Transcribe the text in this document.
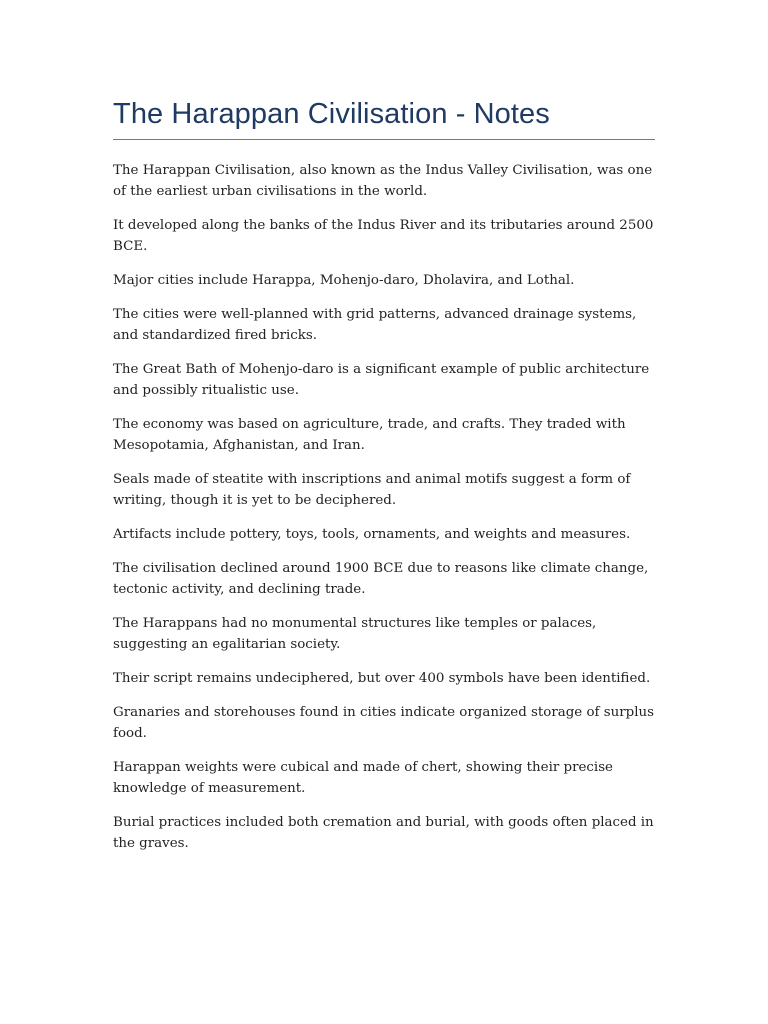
The Harappan Civilisation - Notes

The Harappan Civilisation, also known as the Indus Valley Civilisation, was one of the earliest urban civilisations in the world.

It developed along the banks of the Indus River and its tributaries around 2500 BCE.

Major cities include Harappa, Mohenjo-daro, Dholavira, and Lothal.

The cities were well-planned with grid patterns, advanced drainage systems, and standardized fired bricks.

The Great Bath of Mohenjo-daro is a significant example of public architecture and possibly ritualistic use.

The economy was based on agriculture, trade, and crafts. They traded with Mesopotamia, Afghanistan, and Iran.

Seals made of steatite with inscriptions and animal motifs suggest a form of writing, though it is yet to be deciphered.

Artifacts include pottery, toys, tools, ornaments, and weights and measures.

The civilisation declined around 1900 BCE due to reasons like climate change, tectonic activity, and declining trade.

The Harappans had no monumental structures like temples or palaces, suggesting an egalitarian society.

Their script remains undeciphered, but over 400 symbols have been identified.

Granaries and storehouses found in cities indicate organized storage of surplus food.

Harappan weights were cubical and made of chert, showing their precise knowledge of measurement.

Burial practices included both cremation and burial, with goods often placed in the graves.
